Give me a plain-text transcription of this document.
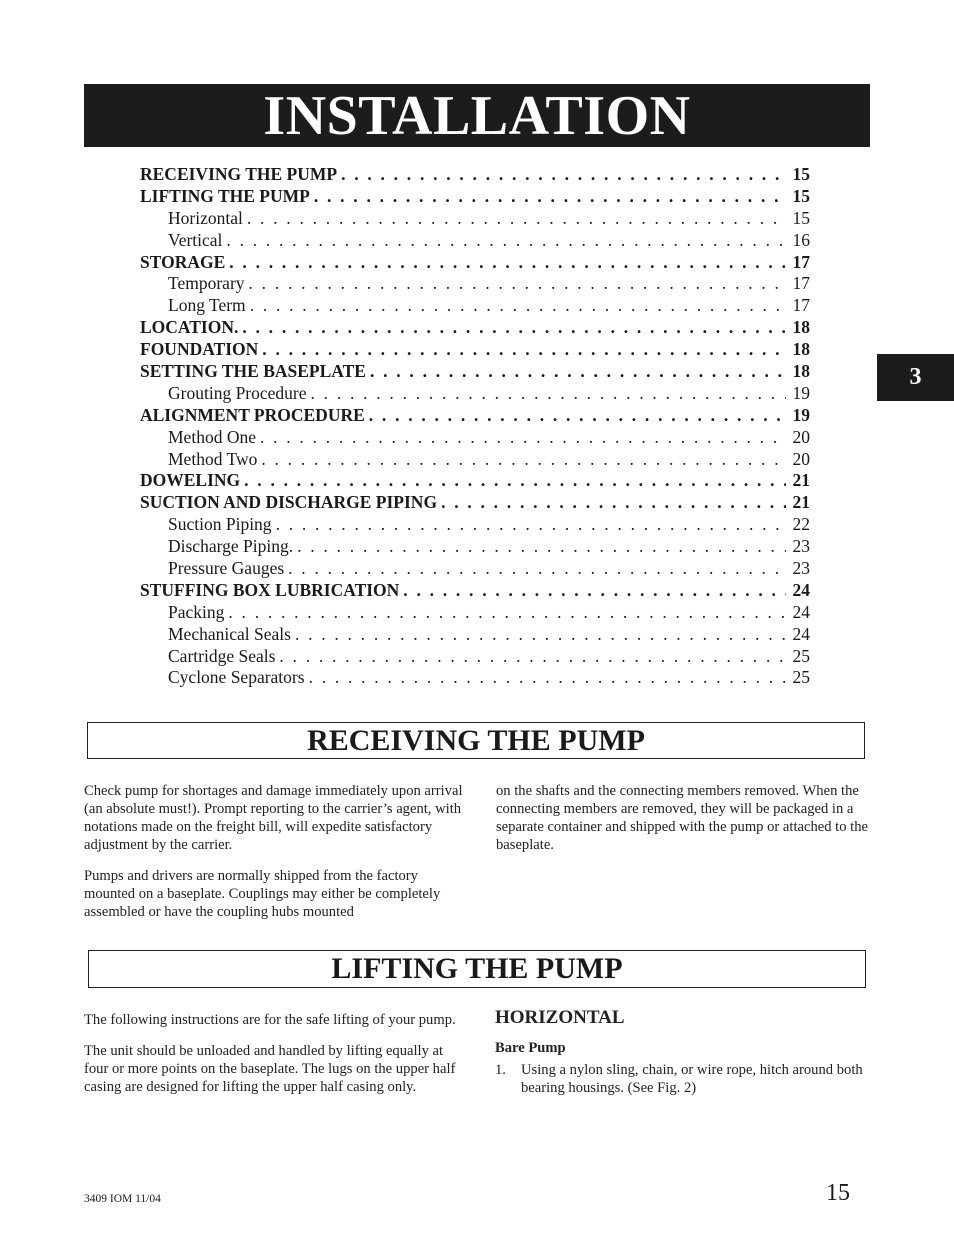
INSTALLATION
3
RECEIVING THE PUMP . . .	15
LIFTING THE PUMP . . .	15
Horizontal . . .	15
Vertical . . .	16
STORAGE . . .	17
Temporary . . .	17
Long Term . . .	17
LOCATION. . . .	18
FOUNDATION . . .	18
SETTING THE BASEPLATE . . .	18
Grouting Procedure . . .	19
ALIGNMENT PROCEDURE . . .	19
Method One . . .	20
Method Two . . .	20
DOWELING . . .	21
SUCTION AND DISCHARGE PIPING . . .	21
Suction Piping . . .	22
Discharge Piping. . . .	23
Pressure Gauges . . .	23
STUFFING BOX LUBRICATION . . .	24
Packing . . .	24
Mechanical Seals . . .	24
Cartridge Seals . . .	25
Cyclone Separators . . .	25
RECEIVING THE PUMP

Check pump for shortages and damage immediately upon arrival (an absolute must!). Prompt reporting to the carrier’s agent, with notations made on the freight bill, will expedite satisfactory adjustment by the carrier.

Pumps and drivers are normally shipped from the factory mounted on a baseplate. Couplings may either be completely assembled or have the coupling hubs mounted

on the shafts and the connecting members removed. When the connecting members are removed, they will be packaged in a separate container and shipped with the pump or attached to the baseplate.

LIFTING THE PUMP

The following instructions are for the safe lifting of your pump.

The unit should be unloaded and handled by lifting equally at four or more points on the baseplate. The lugs on the upper half casing are designed for lifting the upper half casing only.

HORIZONTAL
Bare Pump
1.	Using a nylon sling, chain, or wire rope, hitch around both bearing housings. (See Fig. 2)
3409 IOM 11/04	15
